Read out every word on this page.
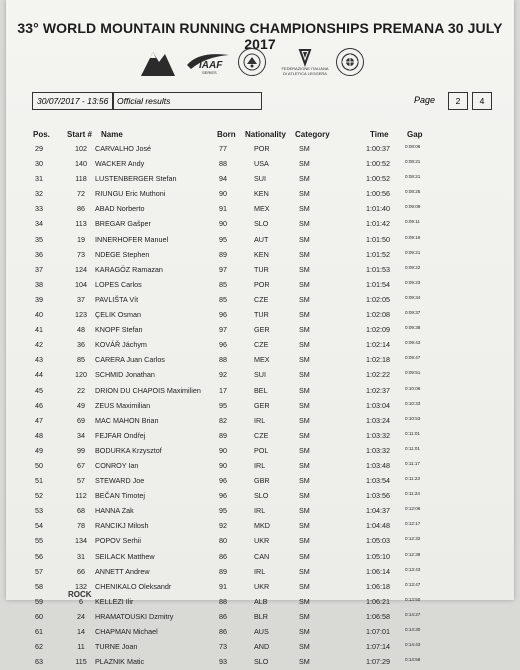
33° WORLD MOUNTAIN RUNNING CHAMPIONSHIPS PREMANA 30 JULY 2017
IAAF
SERIES
FEDERAZIONE ITALIANA DI ATLETICA LEGGERA
30/07/2017 - 13:56	Official results	Page	2	4
Pos. Start # Name	Born Nationality Category	Time Gap
29	102	CARVALHO José	77	POR	SM	1:00:37	0:08:06
30	140	WACKER Andy	88	USA	SM	1:00:52	0:08:21
31	118	LUSTENBERGER Stefan	94	SUI	SM	1:00:52	0:08:21
32	72	RIUNGU Eric Muthoni	90	KEN	SM	1:00:56	0:08:25
33	86	ABAD Norberto	91	MEX	SM	1:01:40	0:09:09
34	113	BREGAR Gašper	90	SLO	SM	1:01:42	0:09:11
35	19	INNERHOFER Manuel	95	AUT	SM	1:01:50	0:09:19
36	73	NDEGE Stephen	89	KEN	SM	1:01:52	0:09:21
37	124	KARAGÖZ Ramazan	97	TUR	SM	1:01:53	0:09:22
38	104	LOPES Carlos	85	POR	SM	1:01:54	0:09:23
39	37	PAVLIŠTA Vít	85	CZE	SM	1:02:05	0:09:34
40	123	ÇELIK Osman	96	TUR	SM	1:02:08	0:09:37
41	48	KNOPF Stefan	97	GER	SM	1:02:09	0:09:38
42	36	KOVÁŘ Jáchym	96	CZE	SM	1:02:14	0:09:43
43	85	CARERA Juan Carlos	88	MEX	SM	1:02:18	0:09:47
44	120	SCHMID Jonathan	92	SUI	SM	1:02:22	0:09:51
45	22	DRION DU CHAPOIS Maximilien	17	BEL	SM	1:02:37	0:10:06
46	49	ZEUS Maximilian	95	GER	SM	1:03:04	0:10:33
47	69	MAC MAHON Brian	82	IRL	SM	1:03:24	0:10:53
48	34	FEJFAR Ondřej	89	CZE	SM	1:03:32	0:11:01
49	99	BODURKA Krzysztof	90	POL	SM	1:03:32	0:11:01
50	67	CONROY Ian	90	IRL	SM	1:03:48	0:11:17
51	57	STEWARD Joe	96	GBR	SM	1:03:54	0:11:23
52	112	BEČAN Timotej	96	SLO	SM	1:03:56	0:11:24
53	68	HANNA Zak	95	IRL	SM	1:04:37	0:12:06
54	78	RANCIKJ Milosh	92	MKD	SM	1:04:48	0:12:17
55	134	POPOV Serhii	80	UKR	SM	1:05:03	0:12:32
56	31	SEILACK Matthew	86	CAN	SM	1:05:10	0:12:39
57	66	ANNETT Andrew	89	IRL	SM	1:06:14	0:13:43
58	132	CHENIKALO Oleksandr	91	UKR	SM	1:06:18	0:13:47
59	6	KELLEZI Ilir	88	ALB	SM	1:06:21	0:13:50
60	24	HRAMATOUSKI Dzmitry	86	BLR	SM	1:06:58	0:14:27
61	14	CHAPMAN Michael	86	AUS	SM	1:07:01	0:14:30
62	11	TURNE Joan	73	AND	SM	1:07:14	0:14:43
63	115	PLAZNIK Matic	93	SLO	SM	1:07:29	0:14:58
ROCK
